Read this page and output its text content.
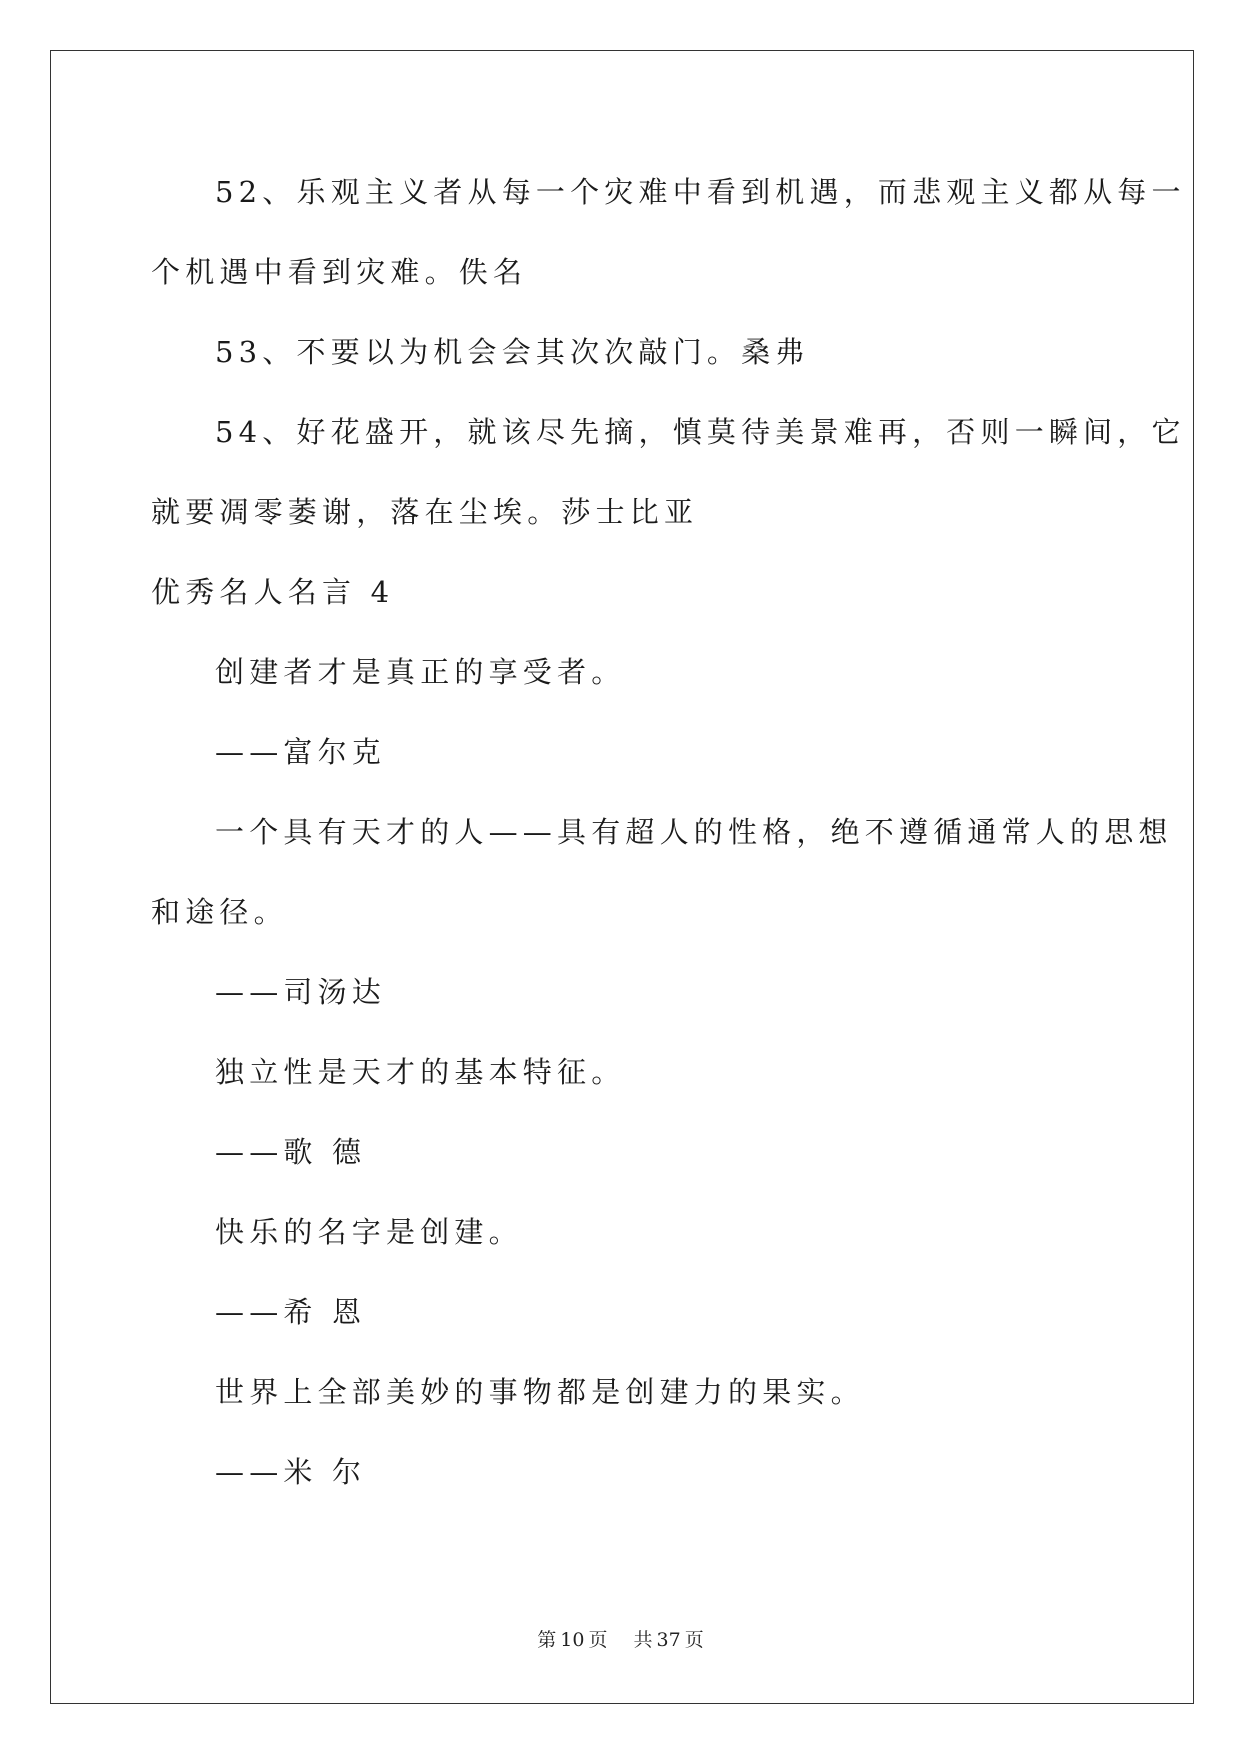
52、乐观主义者从每一个灾难中看到机遇，而悲观主义都从每一
个机遇中看到灾难。佚名
53、不要以为机会会其次次敲门。桑弗
54、好花盛开，就该尽先摘，慎莫待美景难再，否则一瞬间，它
就要凋零萎谢，落在尘埃。莎士比亚
优秀名人名言 4
创建者才是真正的享受者。
——富尔克
一个具有天才的人——具有超人的性格，绝不遵循通常人的思想
和途径。
——司汤达
独立性是天才的基本特征。
——歌 德
快乐的名字是创建。
——希 恩
世界上全部美妙的事物都是创建力的果实。
——米 尔
第 10 页 共 37 页
